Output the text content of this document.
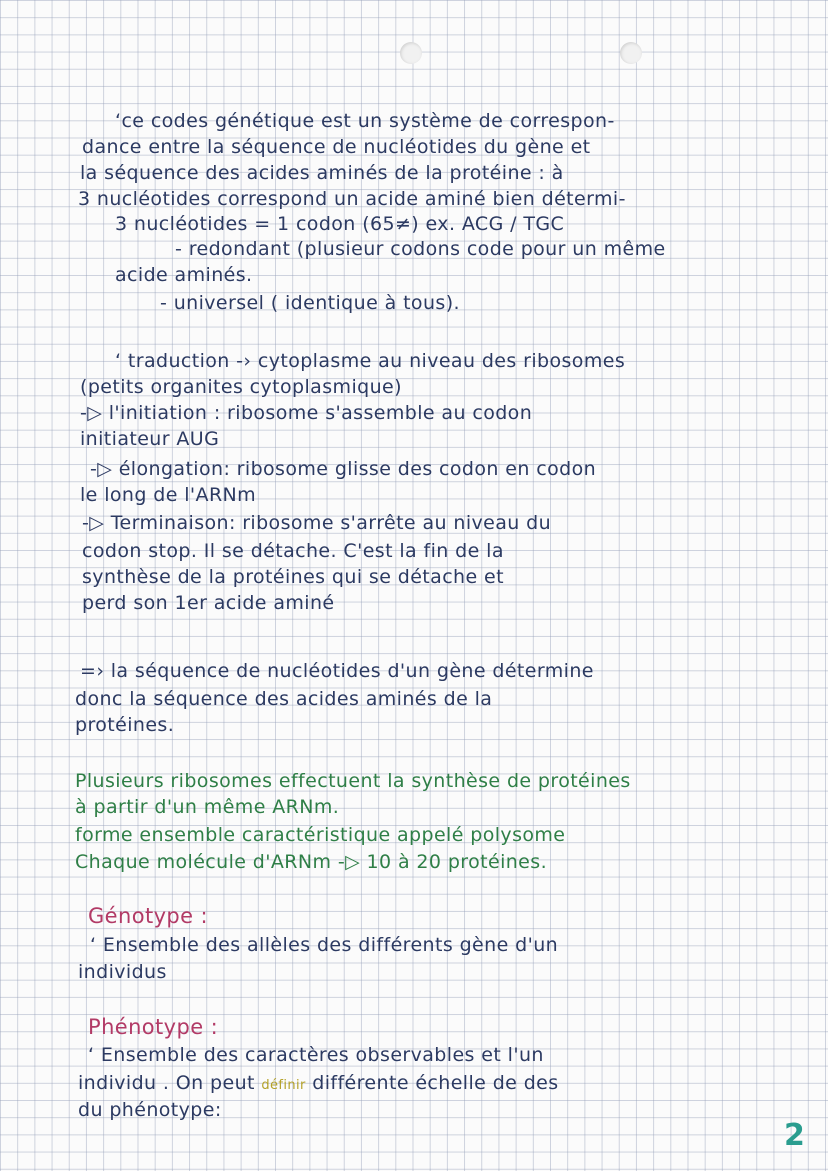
ʻce codes génétique est un système de correspon-
dance entre la séquence de nucléotides du gène et
la séquence des acides aminés de la protéine : à
3 nucléotides correspond un acide aminé bien détermi-
3 nucléotides = 1 codon (65≠) ex. ACG / TGC
- redondant (plusieur codons code pour un même
acide aminés.
- universel ( identique à tous).
ʻ traduction -› cytoplasme au niveau des ribosomes
(petits organites cytoplasmique)
-▷ l'initiation : ribosome s'assemble au codon
initiateur AUG
-▷ élongation: ribosome glisse des codon en codon
le long de l'ARNm
-▷ Terminaison: ribosome s'arrête au niveau du
codon stop. Il se détache. C'est la fin de la
synthèse de la protéines qui se détache et
perd son 1er acide aminé
=› la séquence de nucléotides d'un gène détermine
donc la séquence des acides aminés de la
protéines.
Plusieurs ribosomes effectuent la synthèse de protéines
à partir d'un même ARNm.
forme ensemble caractéristique appelé polysome
Chaque molécule d'ARNm -▷ 10 à 20 protéines.
Génotype :
ʻ Ensemble des allèles des différents gène d'un
individus
Phénotype :
ʻ Ensemble des caractères observables et l'un
individu . On peut définir différente échelle de des
du phénotype:
2
